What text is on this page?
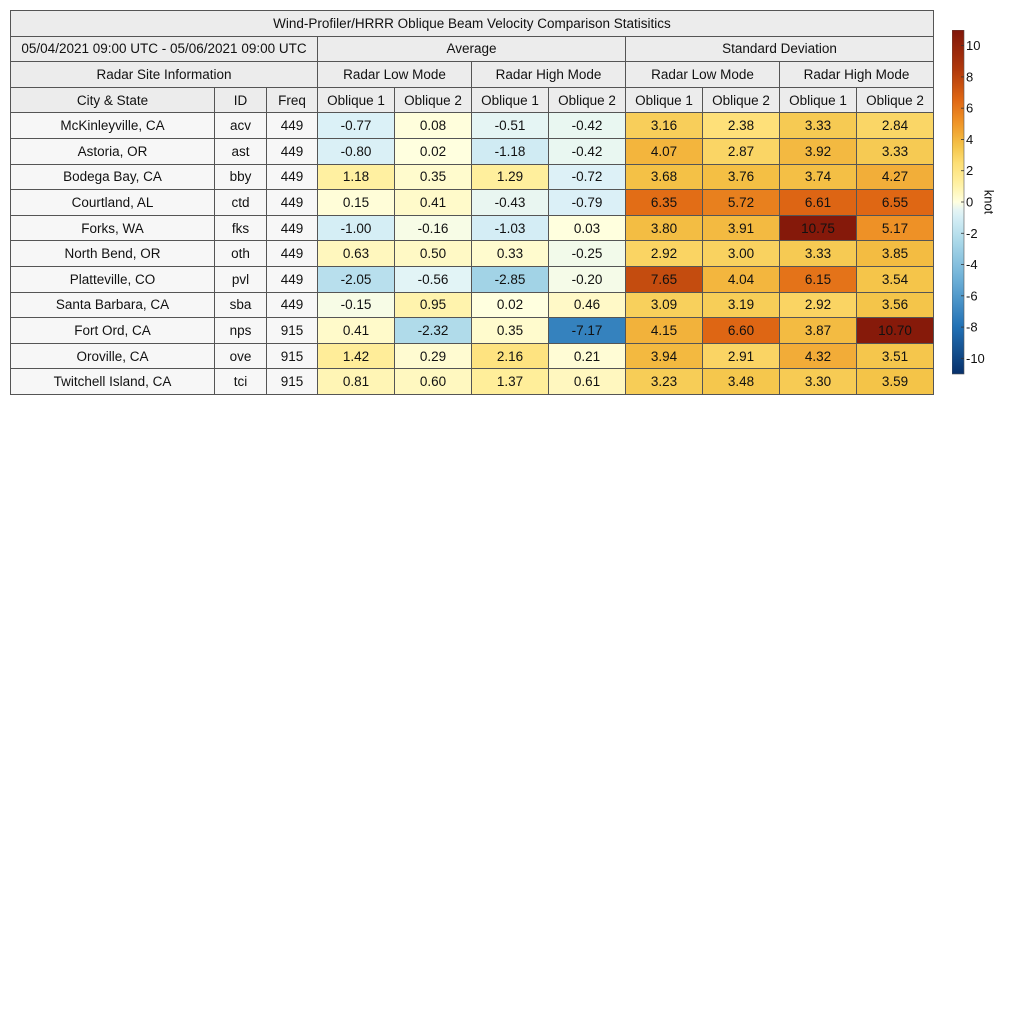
Wind-Profiler/HRRR Oblique Beam Velocity Comparison Statisitics										
05/04/2021 09:00 UTC - 05/06/2021 09:00 UTC			Average				Standard Deviation			
Radar Site Information			Radar Low Mode		Radar High Mode		Radar Low Mode		Radar High Mode	
City & State	ID	Freq	Oblique 1	Oblique 2	Oblique 1	Oblique 2	Oblique 1	Oblique 2	Oblique 1	Oblique 2
McKinleyville, CA	acv	449	-0.77	0.08	-0.51	-0.42	3.16	2.38	3.33	2.84
Astoria, OR	ast	449	-0.80	0.02	-1.18	-0.42	4.07	2.87	3.92	3.33
Bodega Bay, CA	bby	449	1.18	0.35	1.29	-0.72	3.68	3.76	3.74	4.27
Courtland, AL	ctd	449	0.15	0.41	-0.43	-0.79	6.35	5.72	6.61	6.55
Forks, WA	fks	449	-1.00	-0.16	-1.03	0.03	3.80	3.91	10.75	5.17
North Bend, OR	oth	449	0.63	0.50	0.33	-0.25	2.92	3.00	3.33	3.85
Platteville, CO	pvl	449	-2.05	-0.56	-2.85	-0.20	7.65	4.04	6.15	3.54
Santa Barbara, CA	sba	449	-0.15	0.95	0.02	0.46	3.09	3.19	2.92	3.56
Fort Ord, CA	nps	915	0.41	-2.32	0.35	-7.17	4.15	6.60	3.87	10.70
Oroville, CA	ove	915	1.42	0.29	2.16	0.21	3.94	2.91	4.32	3.51
Twitchell Island, CA	tci	915	0.81	0.60	1.37	0.61	3.23	3.48	3.30	3.59
10
8
6
4
2
0
-2
-4
-6
-8
-10
knot
